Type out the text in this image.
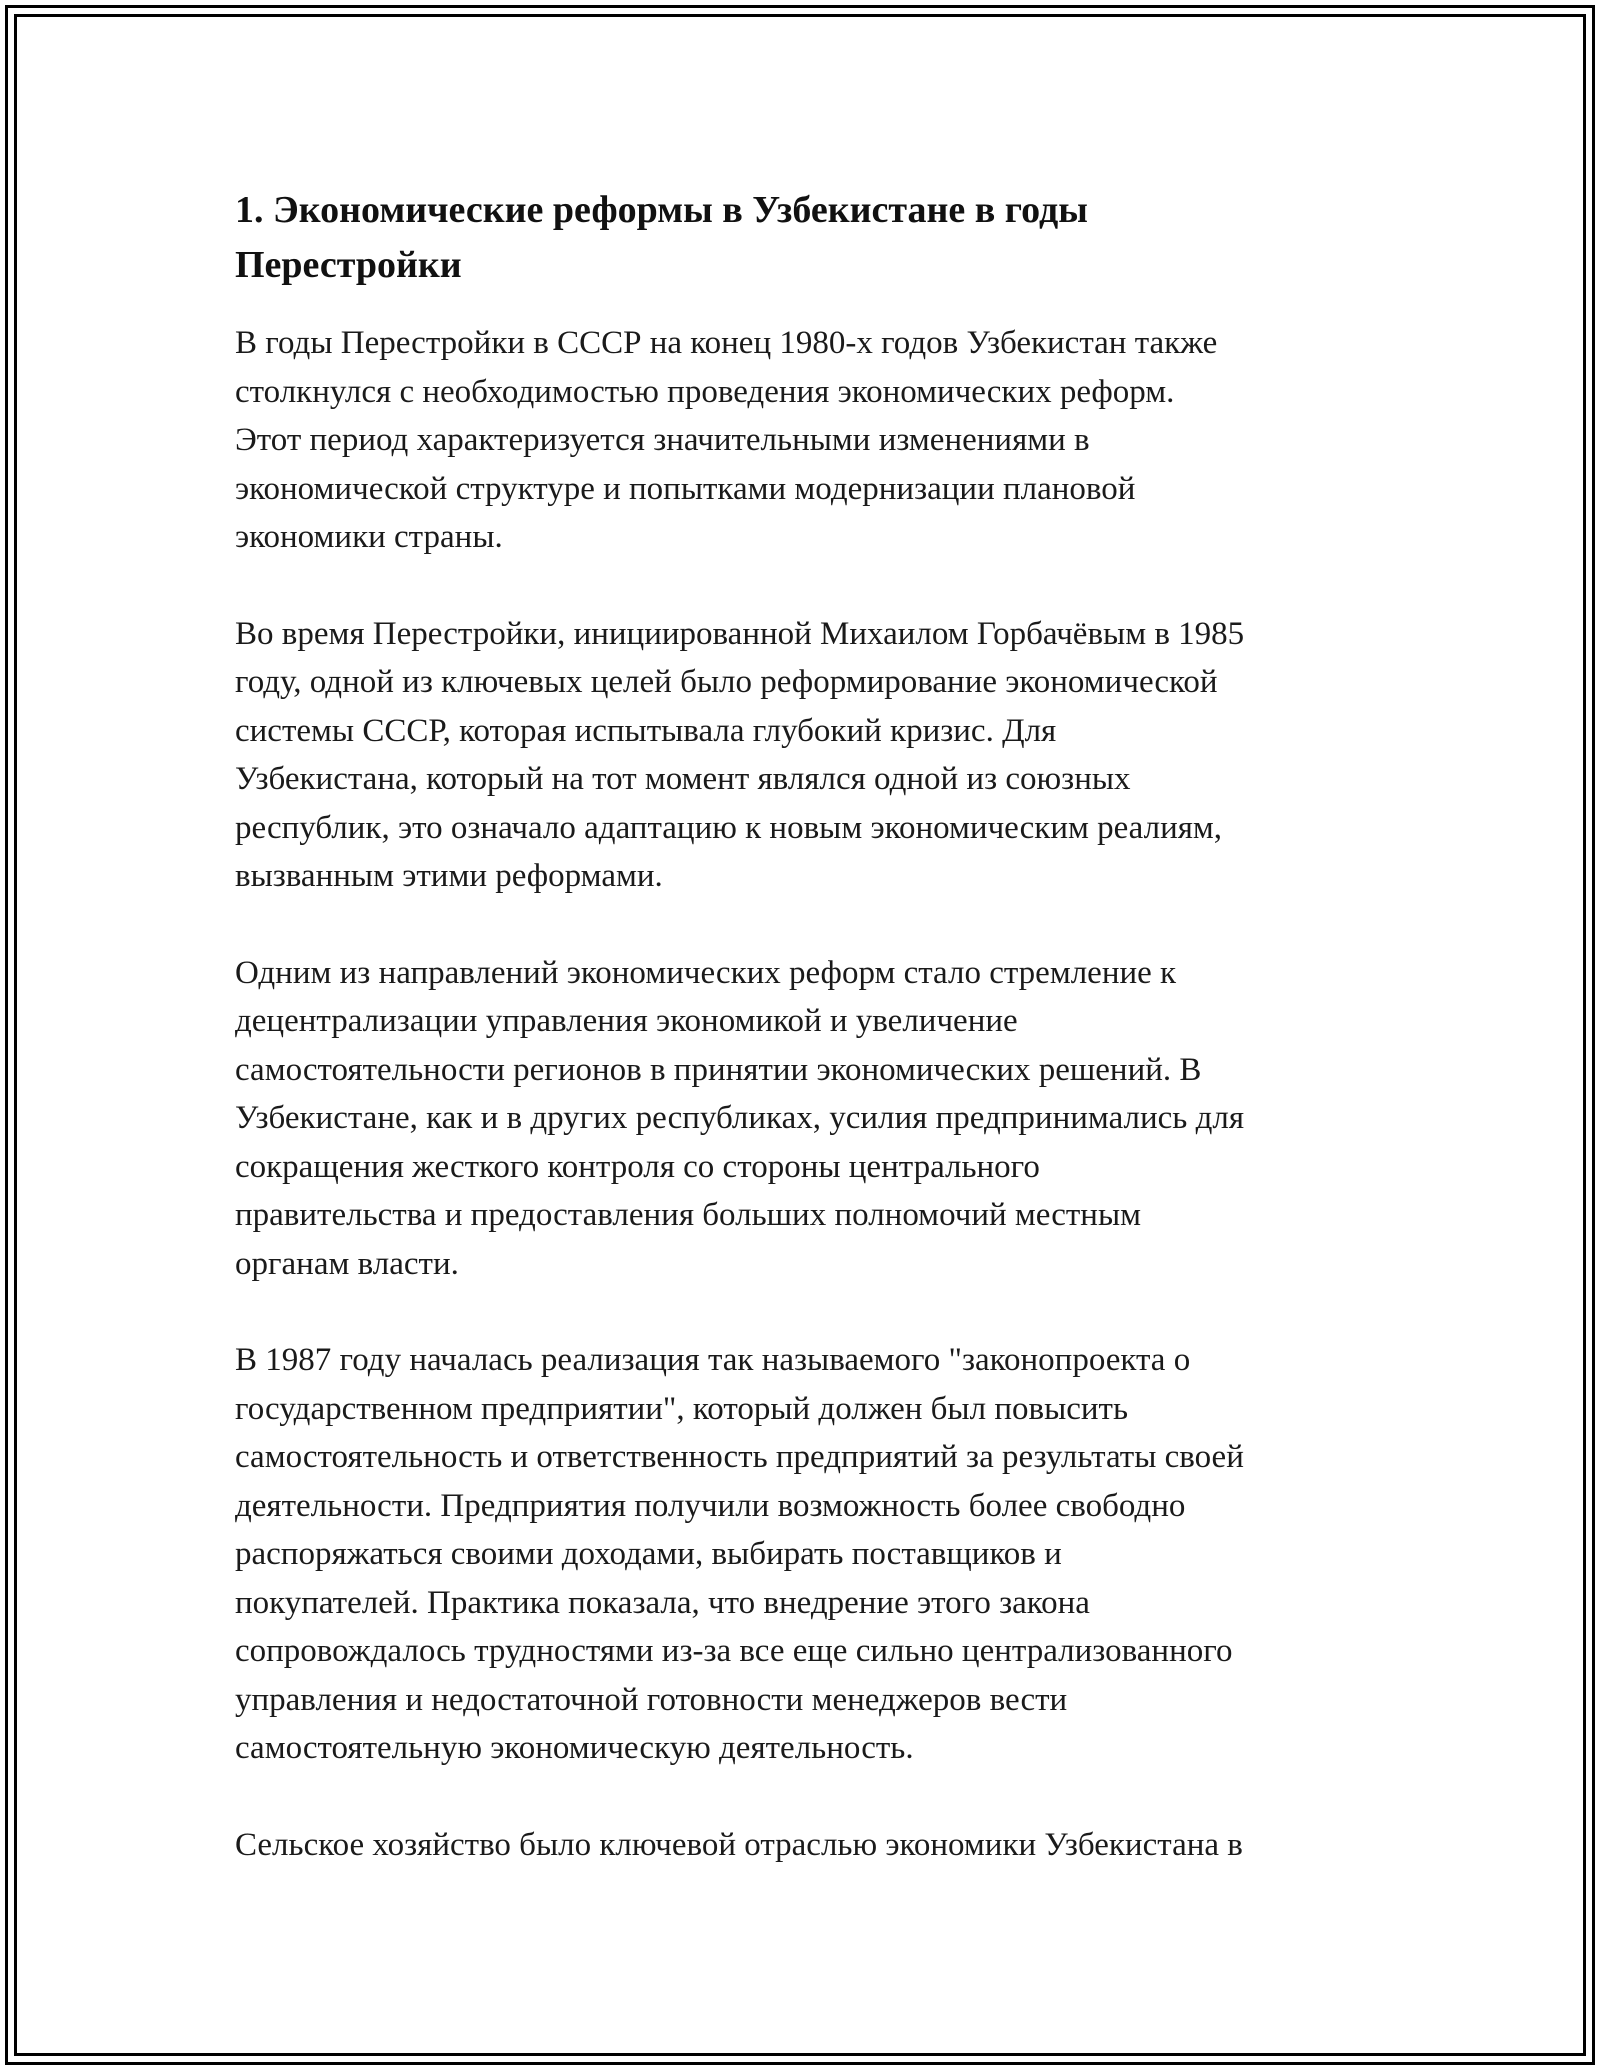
1. Экономические реформы в Узбекистане в годы
Перестройки

В годы Перестройки в СССР на конец 1980-х годов Узбекистан также
столкнулся с необходимостью проведения экономических реформ.
Этот период характеризуется значительными изменениями в
экономической структуре и попытками модернизации плановой
экономики страны.

Во время Перестройки, инициированной Михаилом Горбачёвым в 1985
году, одной из ключевых целей было реформирование экономической
системы СССР, которая испытывала глубокий кризис. Для
Узбекистана, который на тот момент являлся одной из союзных
республик, это означало адаптацию к новым экономическим реалиям,
вызванным этими реформами.

Одним из направлений экономических реформ стало стремление к
децентрализации управления экономикой и увеличение
самостоятельности регионов в принятии экономических решений. В
Узбекистане, как и в других республиках, усилия предпринимались для
сокращения жесткого контроля со стороны центрального
правительства и предоставления больших полномочий местным
органам власти.

В 1987 году началась реализация так называемого "законопроекта о
государственном предприятии", который должен был повысить
самостоятельность и ответственность предприятий за результаты своей
деятельности. Предприятия получили возможность более свободно
распоряжаться своими доходами, выбирать поставщиков и
покупателей. Практика показала, что внедрение этого закона
сопровождалось трудностями из-за все еще сильно централизованного
управления и недостаточной готовности менеджеров вести
самостоятельную экономическую деятельность.

Сельское хозяйство было ключевой отраслью экономики Узбекистана в
